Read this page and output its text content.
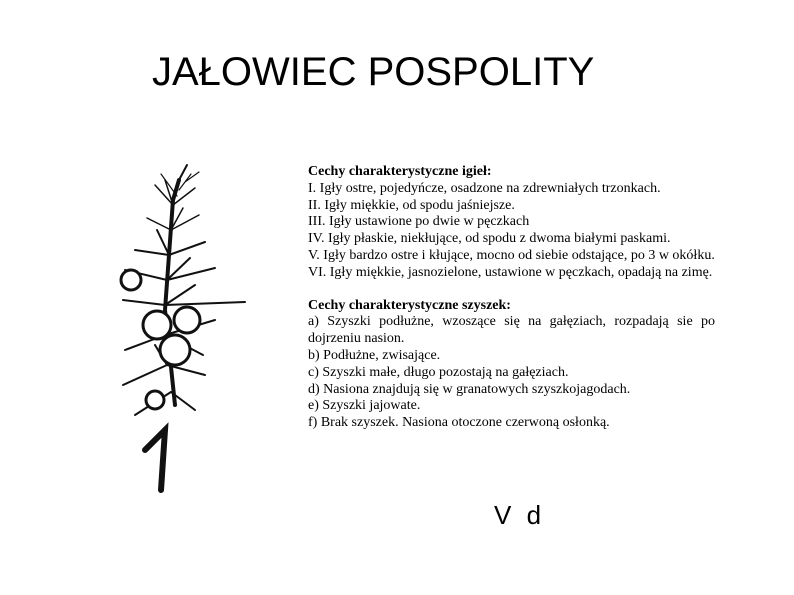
JAŁOWIEC POSPOLITY
Cechy charakterystyczne igieł:
I. Igły ostre, pojedyńcze, osadzone na zdrewniałych trzonkach.
II. Igły miękkie, od spodu jaśniejsze.
III. Igły ustawione po dwie w pęczkach
IV. Igły płaskie, niekłujące, od spodu z dwoma białymi paskami.
V. Igły bardzo ostre i kłujące, mocno od siebie odstające, po 3 w okółku.
VI. Igły miękkie, jasnozielone, ustawione w pęczkach, opadają na zimę.
Cechy charakterystyczne szyszek:
a) Szyszki podłużne, wzoszące się na gałęziach, rozpadają sie po dojrzeniu nasion.
b) Podłużne, zwisające.
c) Szyszki małe, długo pozostają na gałęziach.
d) Nasiona znajdują się w granatowych szyszkojagodach.
e) Szyszki jajowate.
f) Brak szyszek. Nasiona otoczone czerwoną osłonką.
V d
